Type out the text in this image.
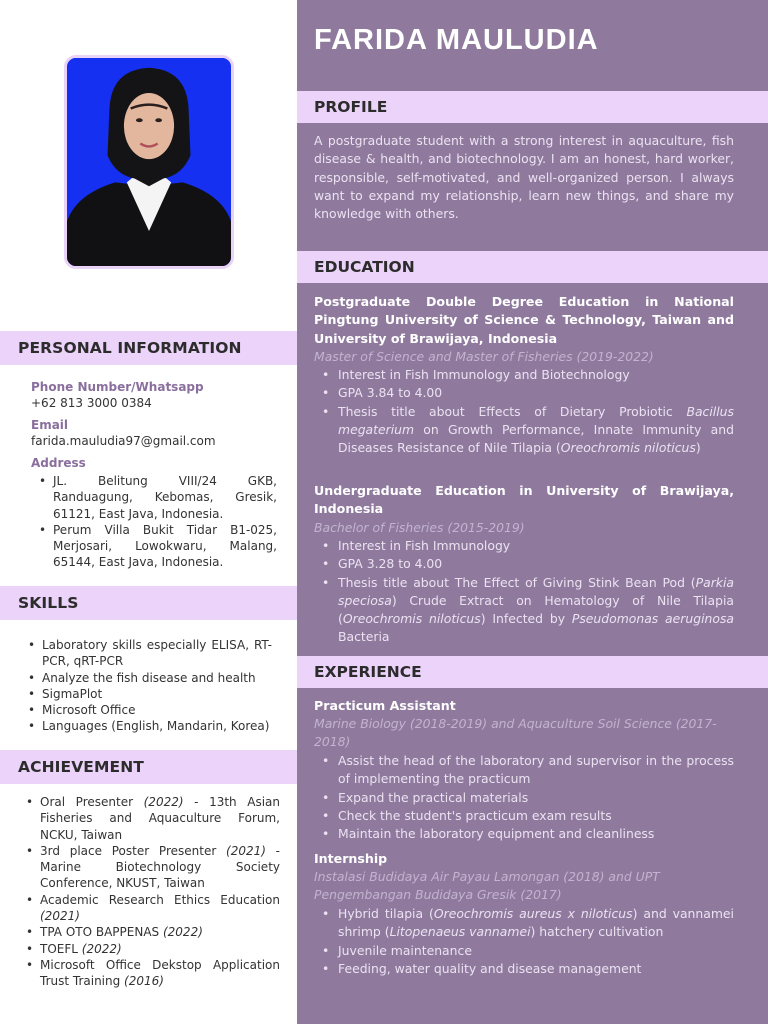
PERSONAL INFORMATION
Phone Number/Whatsapp
+62 813 3000 0384
Email
farida.mauludia97@gmail.com
Address
• JL. Belitung VIII/24 GKB, Randuagung, Kebomas, Gresik, 61121, East Java, Indonesia.
• Perum Villa Bukit Tidar B1-025, Merjosari, Lowokwaru, Malang, 65144, East Java, Indonesia.
SKILLS
• Laboratory skills especially ELISA, RT-PCR, qRT-PCR
• Analyze the fish disease and health
• SigmaPlot
• Microsoft Office
• Languages (English, Mandarin, Korea)
ACHIEVEMENT
• Oral Presenter (2022) - 13th Asian Fisheries and Aquaculture Forum, NCKU, Taiwan
• 3rd place Poster Presenter (2021) - Marine Biotechnology Society Conference, NKUST, Taiwan
• Academic Research Ethics Education (2021)
• TPA OTO BAPPENAS (2022)
• TOEFL (2022)
• Microsoft Office Dekstop Application Trust Training (2016)
FARIDA MAULUDIA
PROFILE
A postgraduate student with a strong interest in aquaculture, fish disease & health, and biotechnology. I am an honest, hard worker, responsible, self-motivated, and well-organized person. I always want to expand my relationship, learn new things, and share my knowledge with others.
EDUCATION
Postgraduate Double Degree Education in National Pingtung University of Science & Technology, Taiwan and University of Brawijaya, Indonesia
Master of Science and Master of Fisheries (2019-2022)
• Interest in Fish Immunology and Biotechnology
• GPA 3.84 to 4.00
• Thesis title about Effects of Dietary Probiotic Bacillus megaterium on Growth Performance, Innate Immunity and Diseases Resistance of Nile Tilapia (Oreochromis niloticus)
Undergraduate Education in University of Brawijaya, Indonesia
Bachelor of Fisheries (2015-2019)
• Interest in Fish Immunology
• GPA 3.28 to 4.00
• Thesis title about The Effect of Giving Stink Bean Pod (Parkia speciosa) Crude Extract on Hematology of Nile Tilapia (Oreochromis niloticus) Infected by Pseudomonas aeruginosa Bacteria
EXPERIENCE
Practicum Assistant
Marine Biology (2018-2019) and Aquaculture Soil Science (2017-2018)
• Assist the head of the laboratory and supervisor in the process of implementing the practicum
• Expand the practical materials
• Check the student's practicum exam results
• Maintain the laboratory equipment and cleanliness
Internship
Instalasi Budidaya Air Payau Lamongan (2018) and UPT Pengembangan Budidaya Gresik (2017)
• Hybrid tilapia (Oreochromis aureus x niloticus) and vannamei shrimp (Litopenaeus vannamei) hatchery cultivation
• Juvenile maintenance
• Feeding, water quality and disease management
